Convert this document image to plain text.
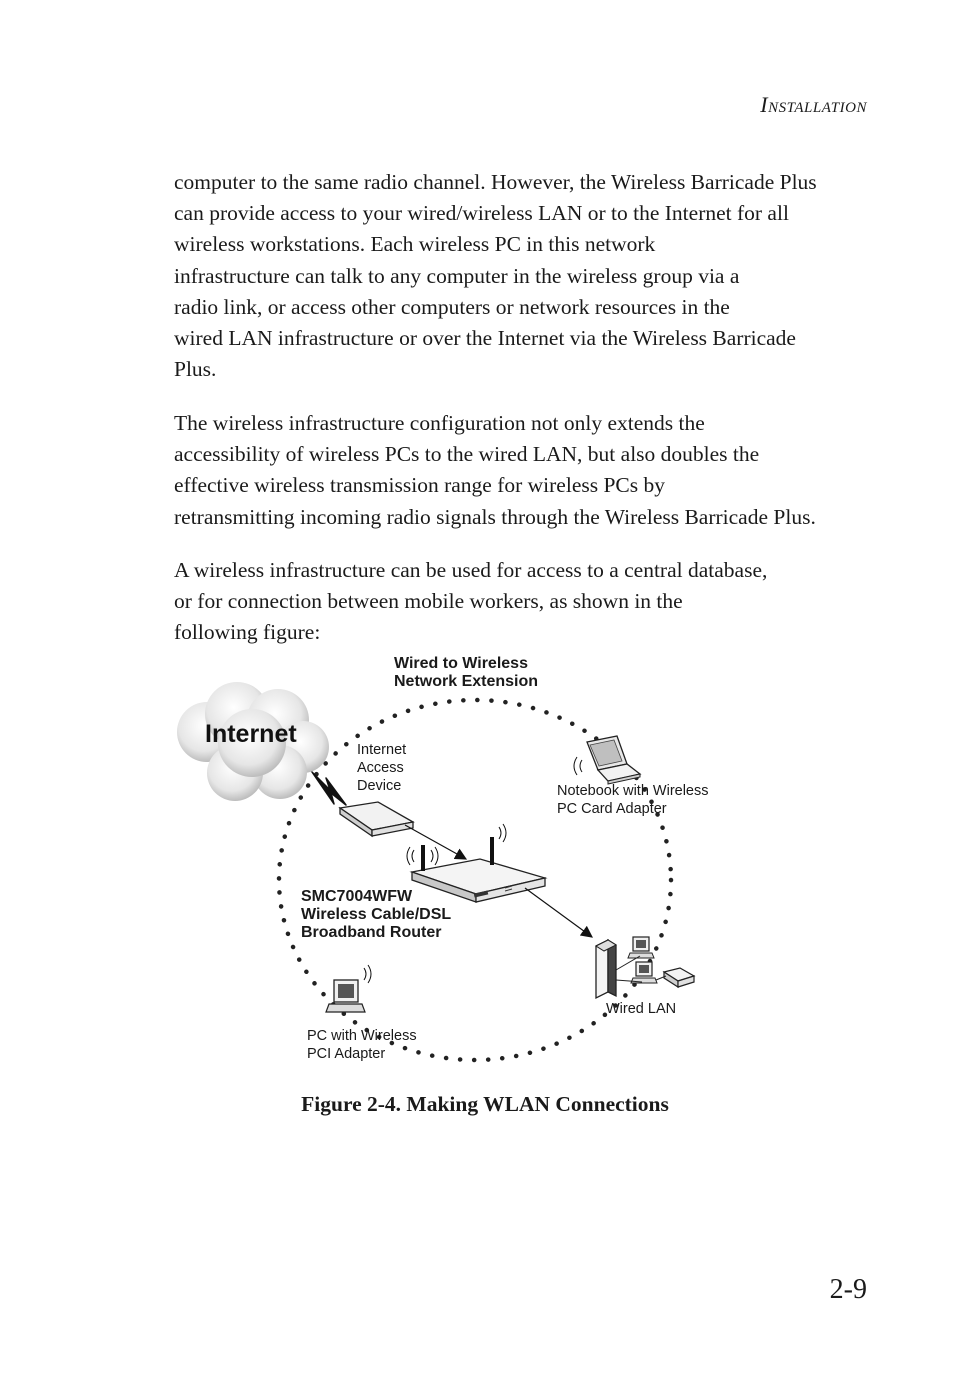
INSTALLATION
computer to the same radio channel. However, the Wireless Barricade Plus
can provide access to your wired/wireless LAN or to the Internet for all
wireless workstations. Each wireless PC in this network
infrastructure can talk to any computer in the wireless group via a
radio link, or access other computers or network resources in the
wired LAN infrastructure or over the Internet via the Wireless Barricade
Plus.
The wireless infrastructure configuration not only extends the
accessibility of wireless PCs to the wired LAN, but also doubles the
effective wireless transmission range for wireless PCs by
retransmitting incoming radio signals through the Wireless Barricade Plus.
A wireless infrastructure can be used for access to a central database,
or for connection between mobile workers, as shown in the
following figure:
Internet
Wired to Wireless
Network Extension
Internet
Access
Device	Notebook with Wireless
PC Card Adapter
SMC7004WFW
Wireless Cable/DSL
Broadband Router
Wired LAN
PC with Wireless
PCI Adapter
Figure 2-4. Making WLAN Connections
2-9
